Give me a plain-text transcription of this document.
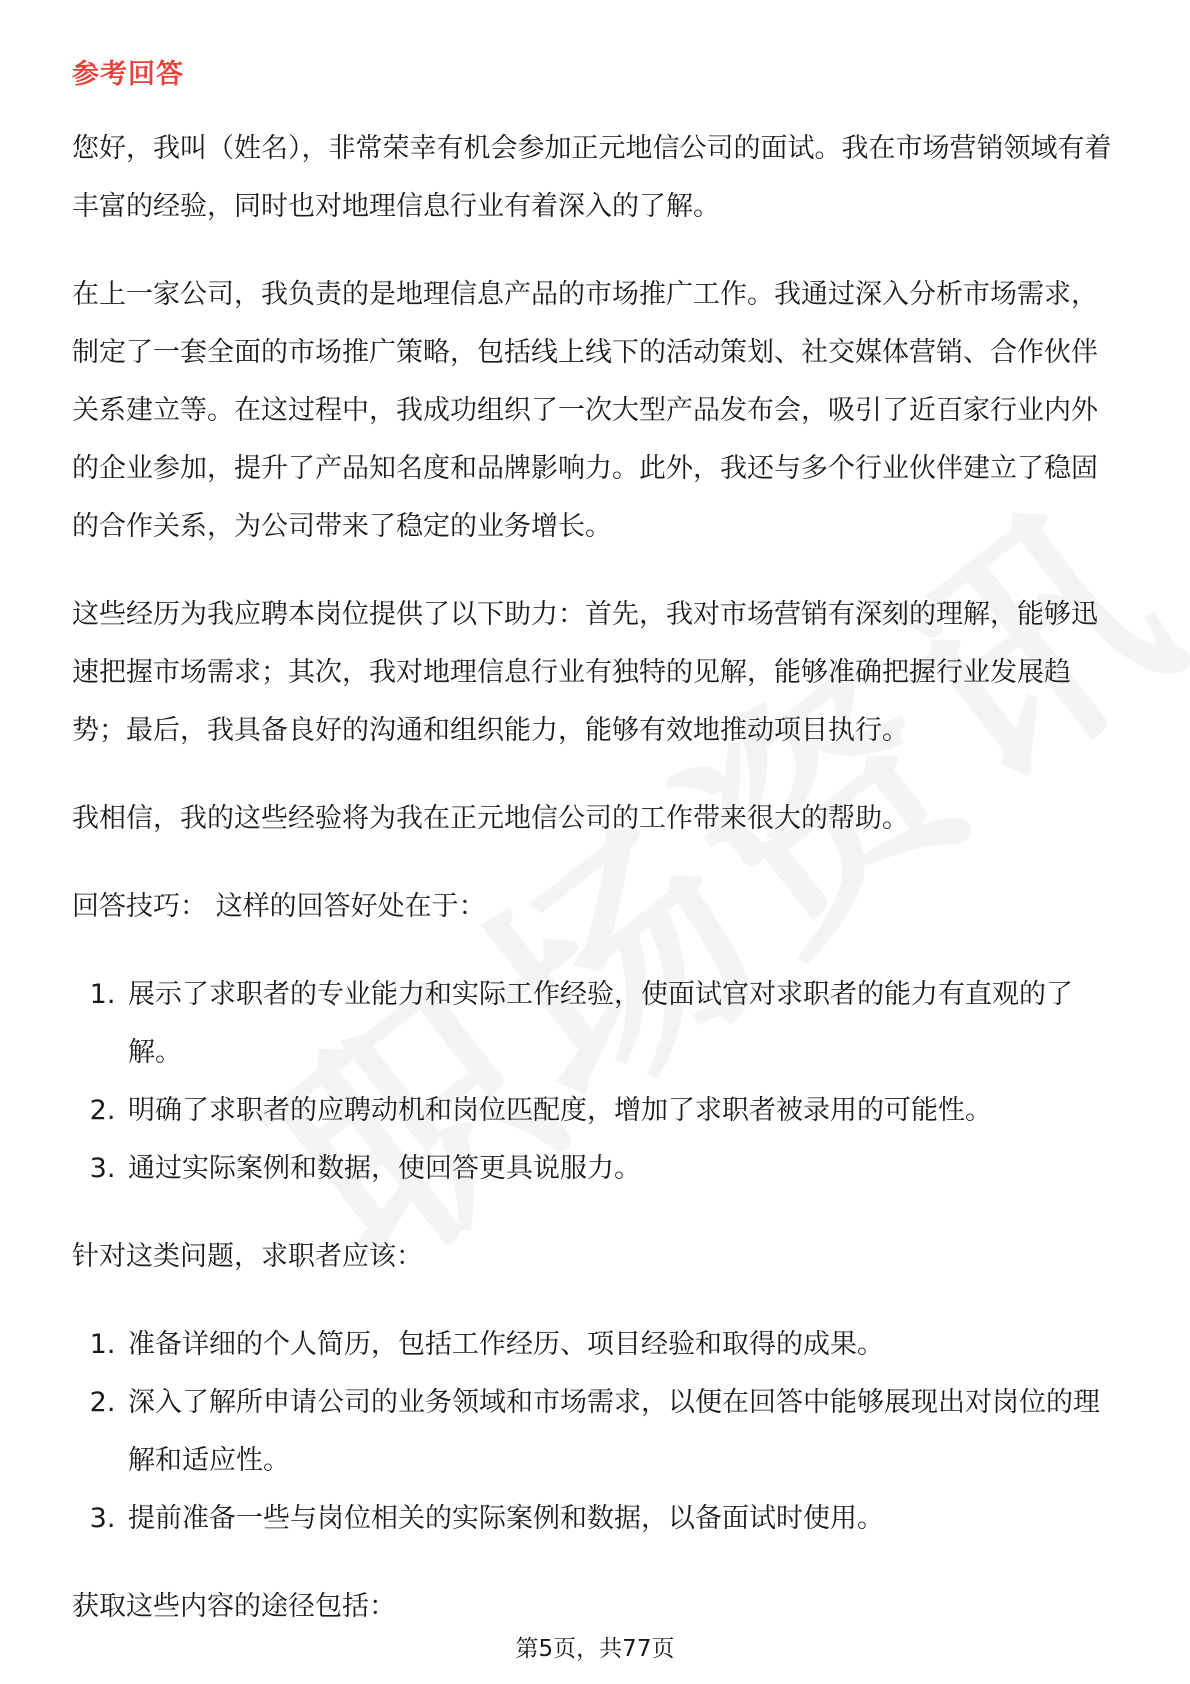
参考回答

您好，我叫（姓名），非常荣幸有机会参加正元地信公司的面试。我在市场营销领域有着丰富的经验，同时也对地理信息行业有着深入的了解。

在上一家公司，我负责的是地理信息产品的市场推广工作。我通过深入分析市场需求，制定了一套全面的市场推广策略，包括线上线下的活动策划、社交媒体营销、合作伙伴关系建立等。在这过程中，我成功组织了一次大型产品发布会，吸引了近百家行业内外的企业参加，提升了产品知名度和品牌影响力。此外，我还与多个行业伙伴建立了稳固的合作关系，为公司带来了稳定的业务增长。

这些经历为我应聘本岗位提供了以下助力：首先，我对市场营销有深刻的理解，能够迅速把握市场需求；其次，我对地理信息行业有独特的见解，能够准确把握行业发展趋势；最后，我具备良好的沟通和组织能力，能够有效地推动项目执行。

我相信，我的这些经验将为我在正元地信公司的工作带来很大的帮助。

回答技巧： 这样的回答好处在于：

1. 展示了求职者的专业能力和实际工作经验，使面试官对求职者的能力有直观的了解。
2. 明确了求职者的应聘动机和岗位匹配度，增加了求职者被录用的可能性。
3. 通过实际案例和数据，使回答更具说服力。

针对这类问题，求职者应该：

1. 准备详细的个人简历，包括工作经历、项目经验和取得的成果。
2. 深入了解所申请公司的业务领域和市场需求，以便在回答中能够展现出对岗位的理解和适应性。
3. 提前准备一些与岗位相关的实际案例和数据，以备面试时使用。

获取这些内容的途径包括：

第5页，共77页
